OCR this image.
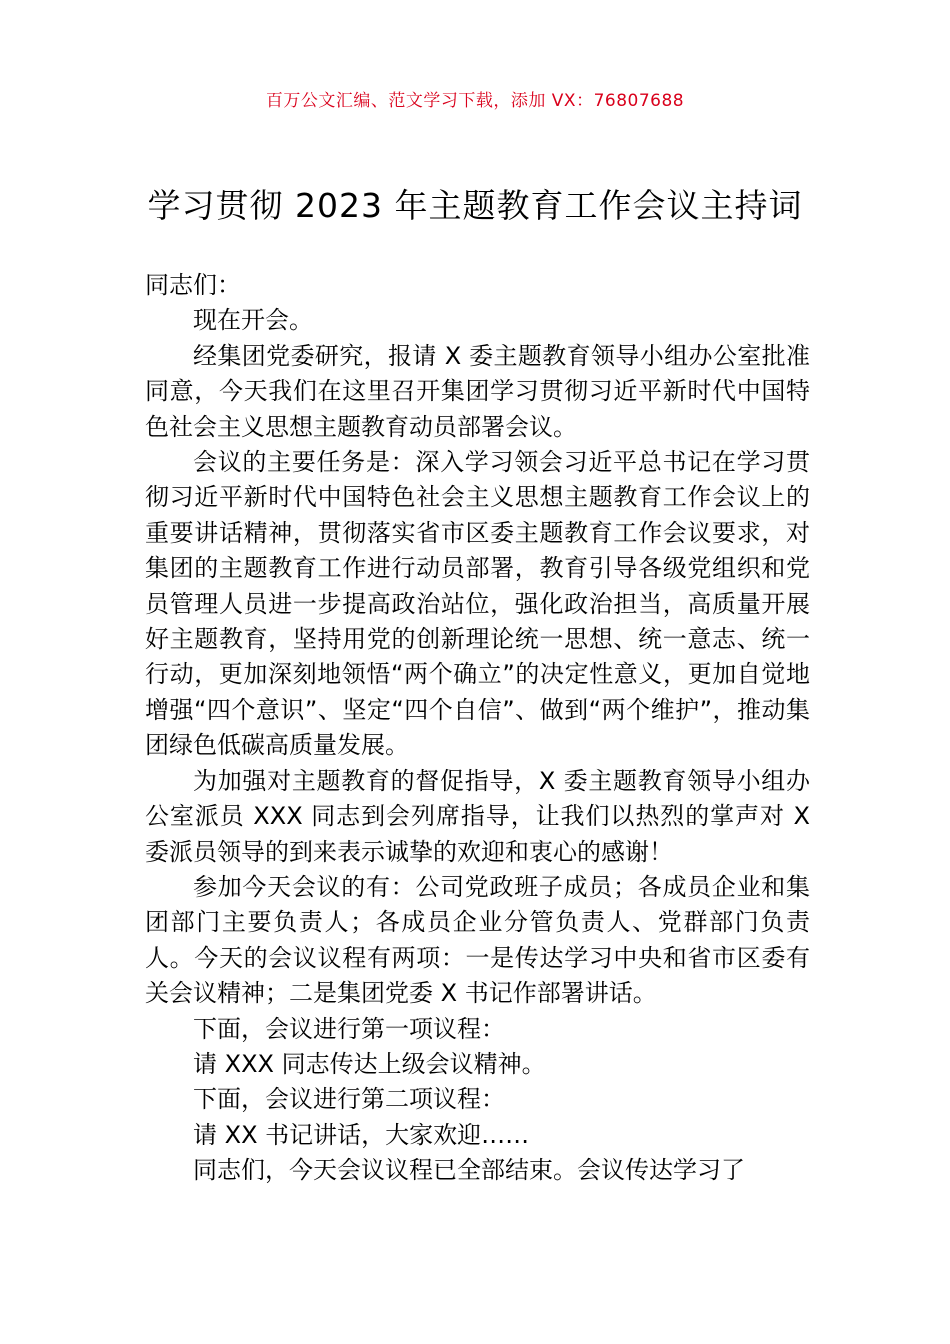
百万公文汇编、范文学习下载，添加 VX：76807688
学习贯彻 2023 年主题教育工作会议主持词

同志们：

现在开会。

经集团党委研究，报请 X 委主题教育领导小组办公室批准同意，今天我们在这里召开集团学习贯彻习近平新时代中国特色社会主义思想主题教育动员部署会议。

会议的主要任务是：深入学习领会习近平总书记在学习贯彻习近平新时代中国特色社会主义思想主题教育工作会议上的重要讲话精神，贯彻落实省市区委主题教育工作会议要求，对集团的主题教育工作进行动员部署，教育引导各级党组织和党员管理人员进一步提高政治站位，强化政治担当，高质量开展好主题教育，坚持用党的创新理论统一思想、统一意志、统一行动，更加深刻地领悟“两个确立”的决定性意义，更加自觉地增强“四个意识”、坚定“四个自信”、做到“两个维护”，推动集团绿色低碳高质量发展。

为加强对主题教育的督促指导，X 委主题教育领导小组办公室派员 XXX 同志到会列席指导，让我们以热烈的掌声对 X 委派员领导的到来表示诚挚的欢迎和衷心的感谢！

参加今天会议的有：公司党政班子成员；各成员企业和集团部门主要负责人；各成员企业分管负责人、党群部门负责人。今天的会议议程有两项：一是传达学习中央和省市区委有关会议精神；二是集团党委 X 书记作部署讲话。

下面，会议进行第一项议程：

请 XXX 同志传达上级会议精神。

下面，会议进行第二项议程：

请 XX 书记讲话，大家欢迎……

同志们，今天会议议程已全部结束。会议传达学习了
